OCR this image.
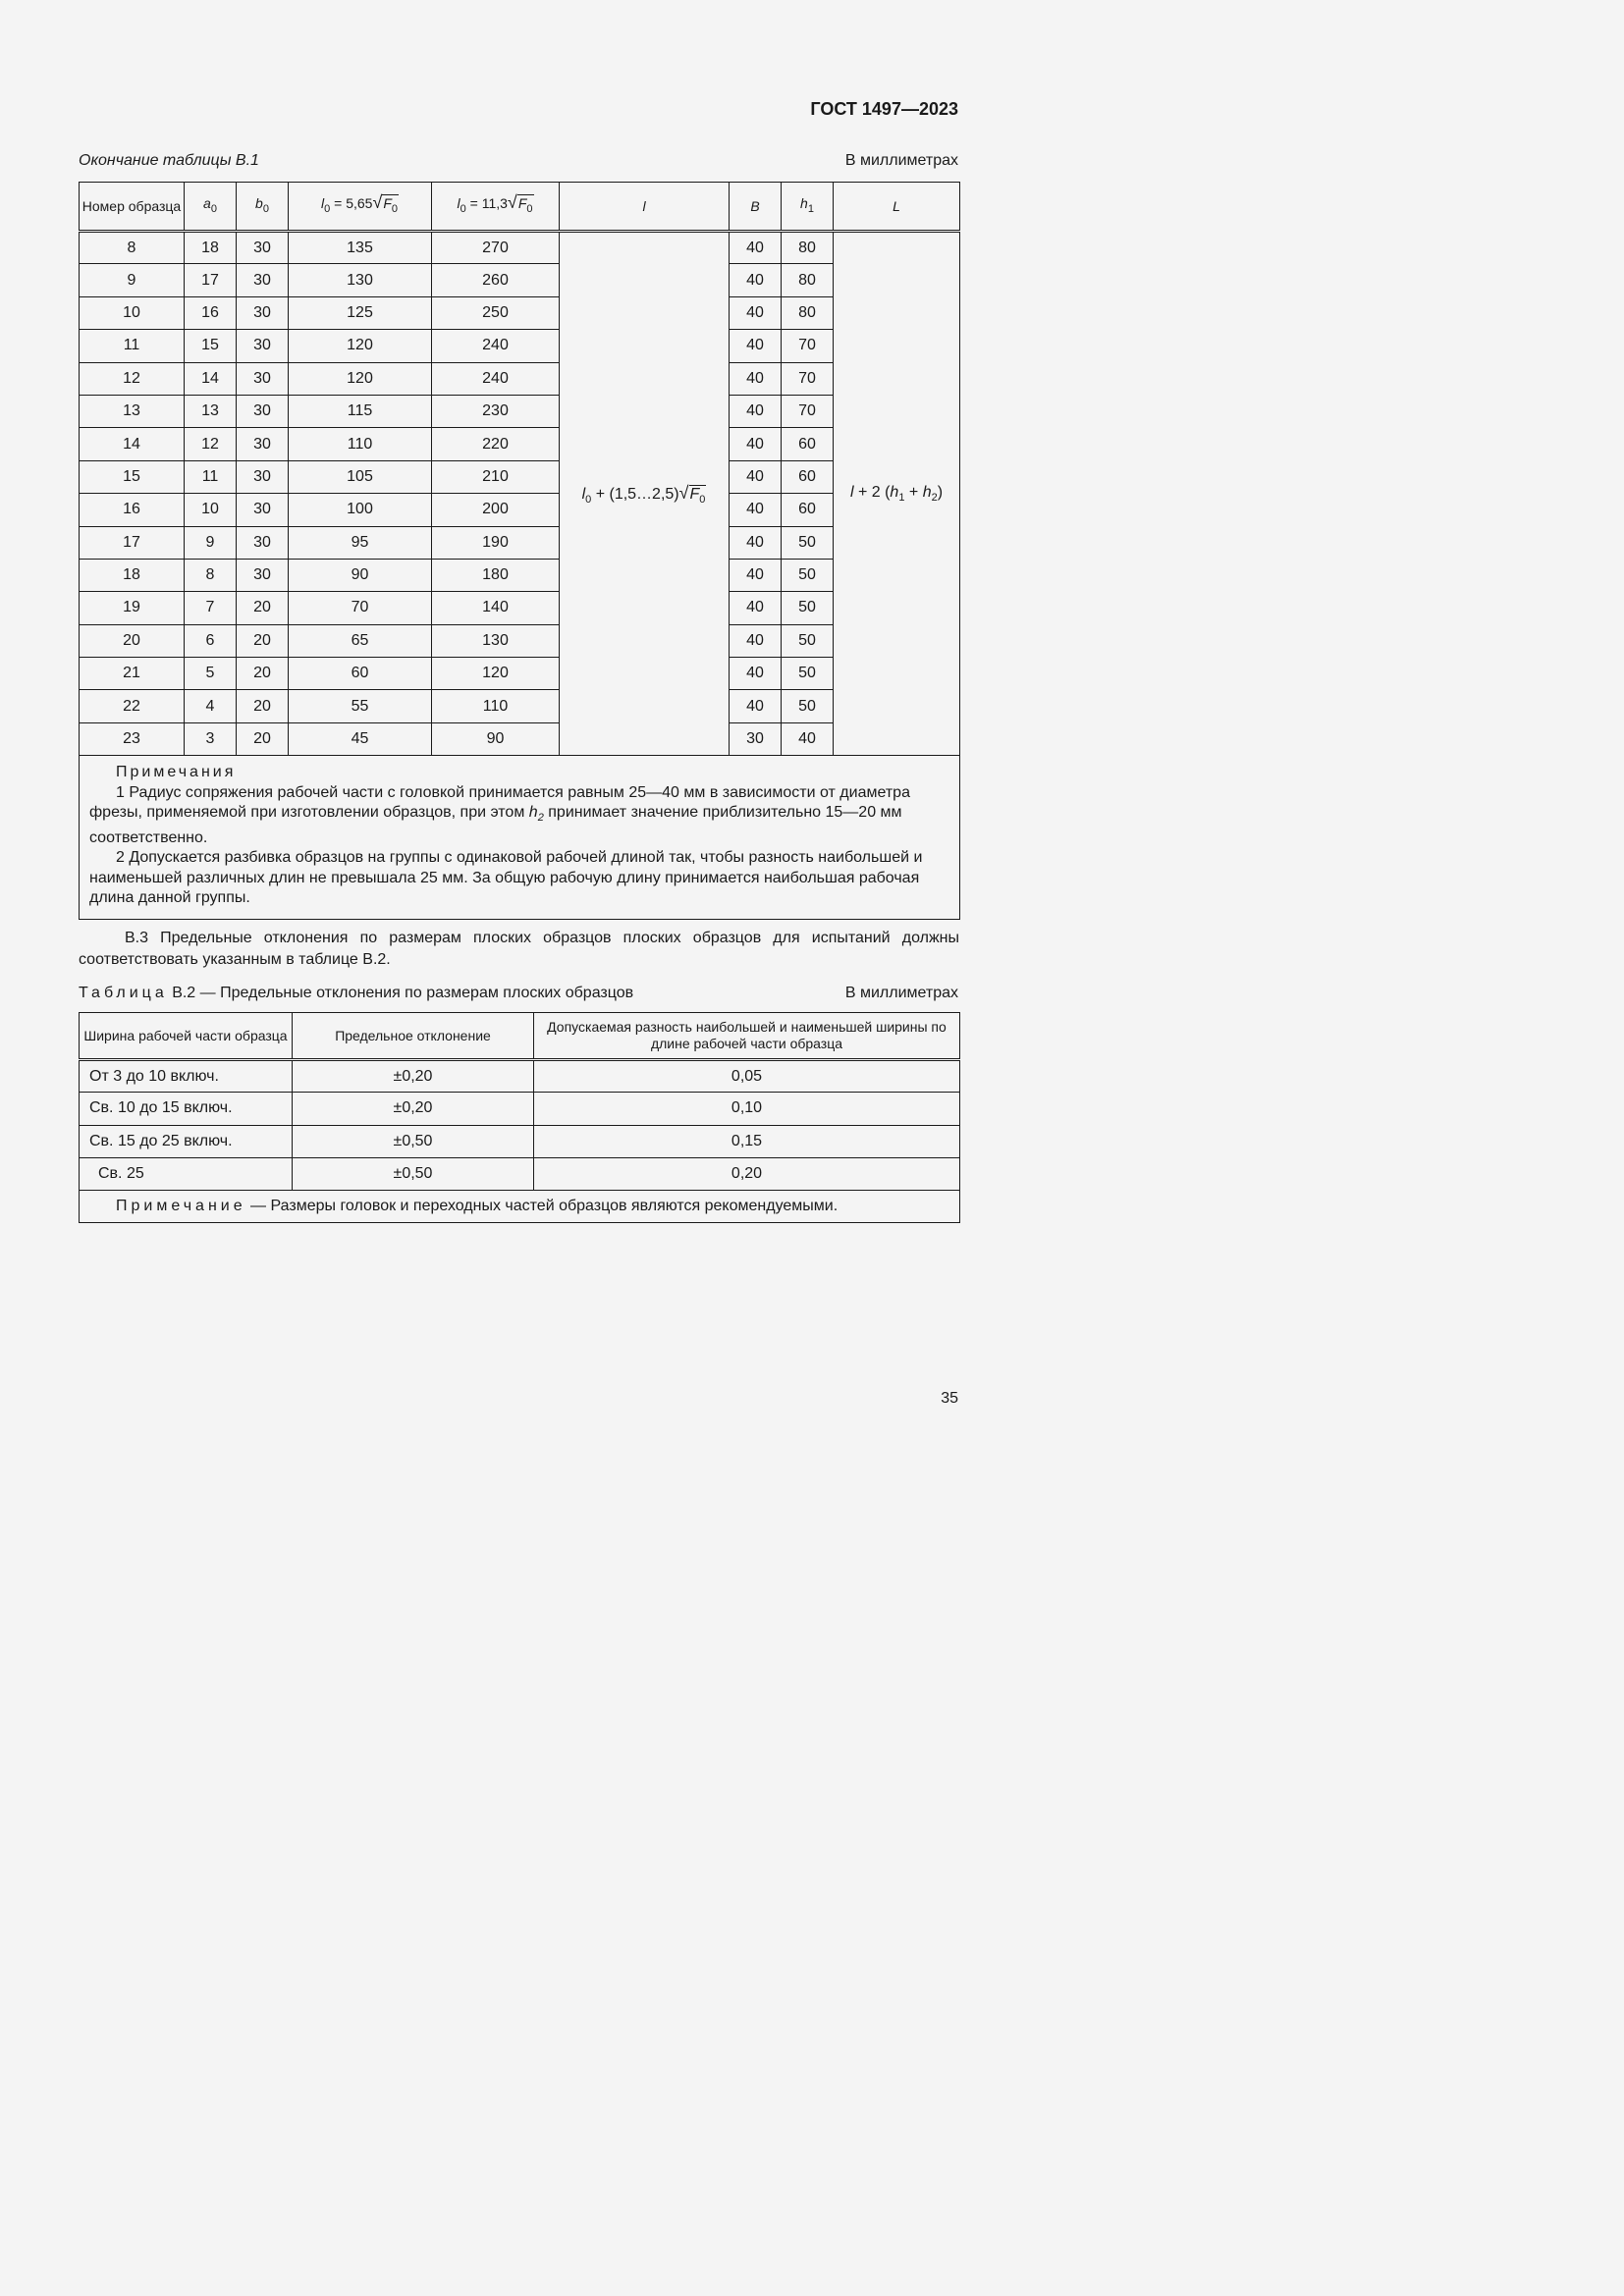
ГОСТ 1497—2023
Окончание таблицы В.1	В миллиметрах
Номер образца	$a_0$	$b_0$	$l_0 = 5,65√F_0$	$l_0 = 11,3√F_0$	l	B	$h_1$	L
8	18	30	135	270	$l_0$ + $(1,5\dots 2,5)√F_0$	40	80	l + 2 $(h_1 + h_2)$
9	17	30	130	260		40	80	
10	16	30	125	250		40	80	
11	15	30	120	240		40	70	
12	14	30	120	240		40	70	
13	13	30	115	230		40	70	
14	12	30	110	220		40	60	
15	11	30	105	210		40	60	
16	10	30	100	200		40	60	
17	9	30	95	190		40	50	
18	8	30	90	180		40	50	
19	7	20	70	140		40	50	
20	6	20	65	130		40	50	
21	5	20	60	120		40	50	
22	4	20	55	110		40	50	
23	3	20	45	90		30	40	

Примечания
1 Радиус сопряжения рабочей части с головкой принимается равным 25—40 мм в зависимости от диаметра фрезы, применяемой при изготовлении образцов, при этом $h_2$ принимает значение приблизительно 15—20 мм соответственно.
2 Допускается разбивка образцов на группы с одинаковой рабочей длиной так, чтобы разность наибольшей и наименьшей различных длин не превышала 25 мм. За общую рабочую длину принимается наибольшая рабочая длина данной группы.								
В.3 Предельные отклонения по размерам плоских образцов плоских образцов для испытаний должны соответствовать указанным в таблице В.2.
Таблица В.2 — Предельные отклонения по размерам плоских образцов	В миллиметрах
Ширина рабочей части образца	Предельное отклонение	Допускаемая разность наибольшей и наименьшей ширины по длине рабочей части образца
От 3 до 10 включ.	±0,20	0,05
Св. 10 до 15 включ.	±0,20	0,10
Св. 15 до 25 включ.	±0,50	0,15
Св. 25	±0,50	0,20
Примечание — Размеры головок и переходных частей образцов являются рекомендуемыми.		
35
